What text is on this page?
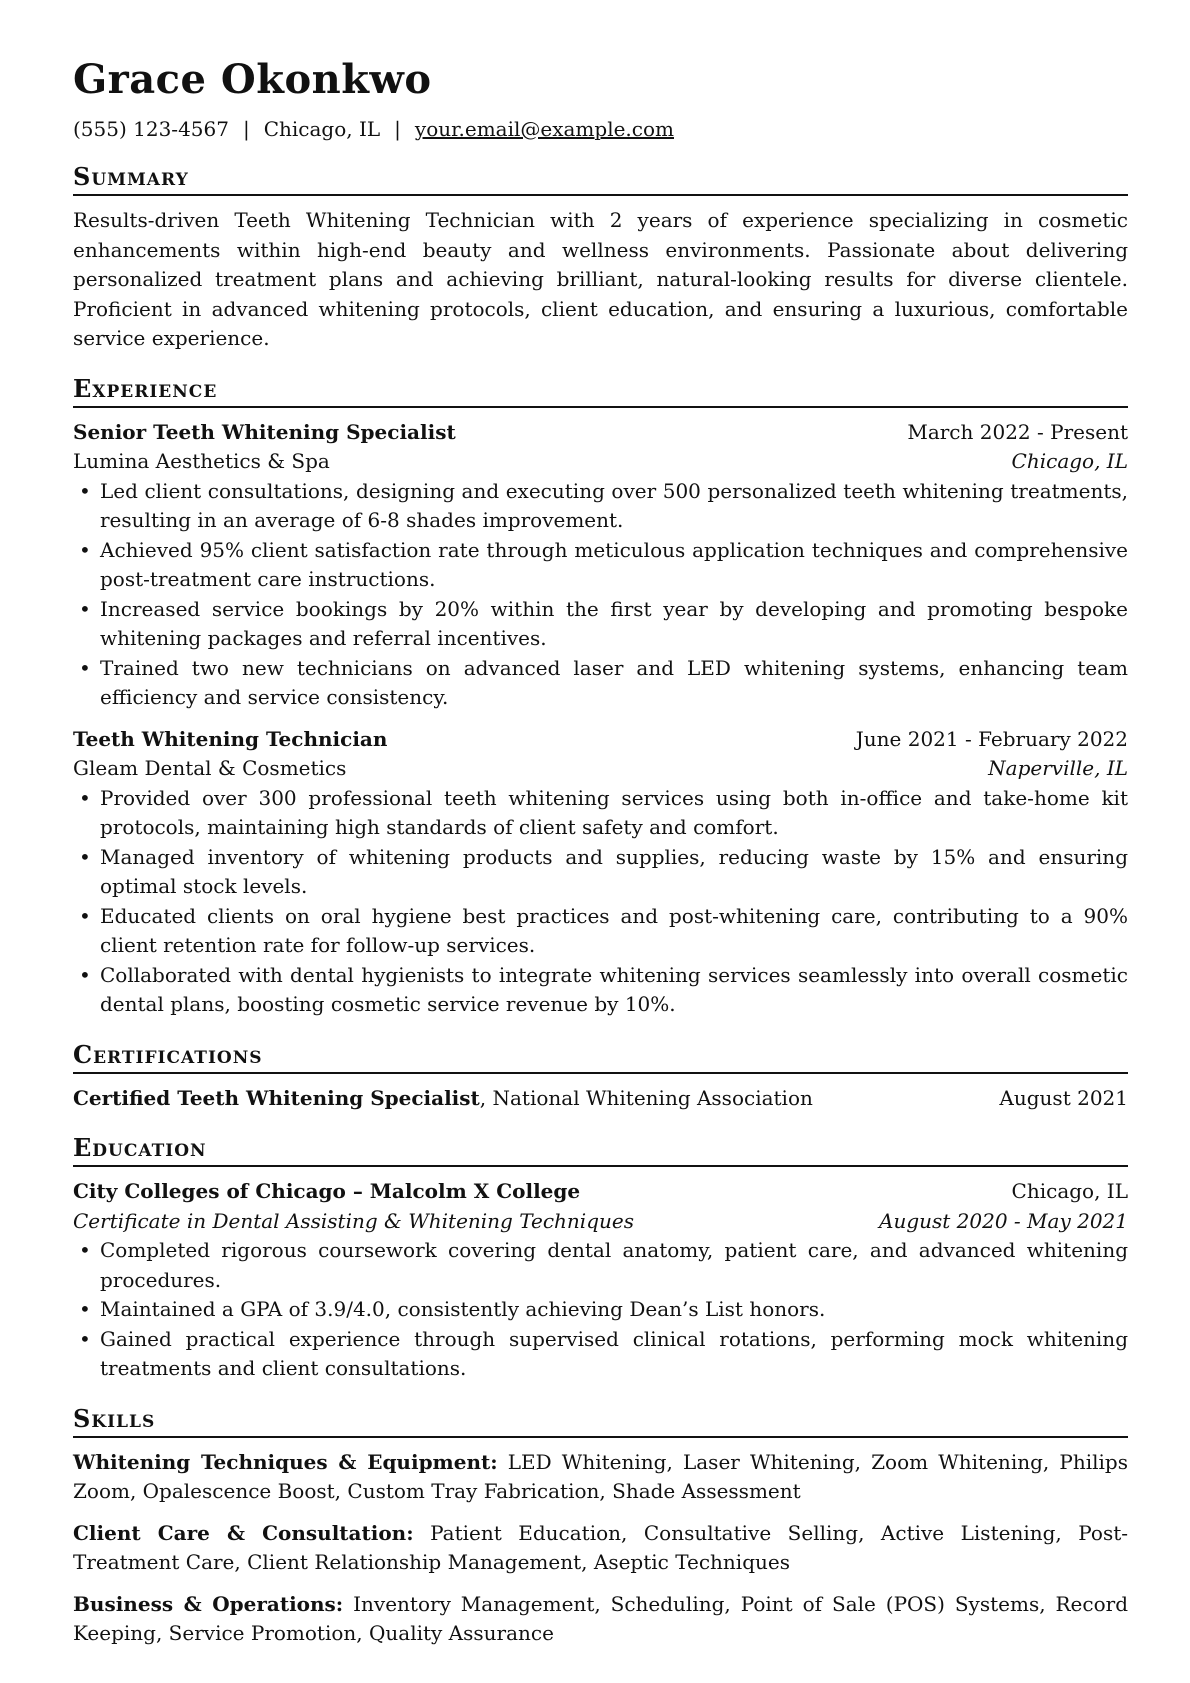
Grace Okonkwo
(555) 123-4567 | Chicago, IL | your.email@example.com
Summary
Results-driven Teeth Whitening Technician with 2 years of experience specializing in cosmetic enhancements within high-end beauty and wellness environments. Passionate about delivering personalized treatment plans and achieving brilliant, natural-looking results for diverse clientele. Proficient in advanced whitening protocols, client education, and ensuring a luxurious, comfortable service experience.
Experience
Senior Teeth Whitening Specialist	March 2022 - Present
Lumina Aesthetics & Spa	Chicago, IL
• Led client consultations, designing and executing over 500 personalized teeth whitening treatments, resulting in an average of 6-8 shades improvement.
• Achieved 95% client satisfaction rate through meticulous application techniques and comprehensive post-treatment care instructions.
• Increased service bookings by 20% within the first year by developing and promoting bespoke whitening packages and referral incentives.
• Trained two new technicians on advanced laser and LED whitening systems, enhancing team efficiency and service consistency.
Teeth Whitening Technician	June 2021 - February 2022
Gleam Dental & Cosmetics	Naperville, IL
• Provided over 300 professional teeth whitening services using both in-office and take-home kit protocols, maintaining high standards of client safety and comfort.
• Managed inventory of whitening products and supplies, reducing waste by 15% and ensuring optimal stock levels.
• Educated clients on oral hygiene best practices and post-whitening care, contributing to a 90% client retention rate for follow-up services.
• Collaborated with dental hygienists to integrate whitening services seamlessly into overall cosmetic dental plans, boosting cosmetic service revenue by 10%.
Certifications
Certified Teeth Whitening Specialist, National Whitening Association	August 2021
Education
City Colleges of Chicago – Malcolm X College	Chicago, IL
Certificate in Dental Assisting & Whitening Techniques	August 2020 - May 2021
• Completed rigorous coursework covering dental anatomy, patient care, and advanced whitening procedures.
• Maintained a GPA of 3.9/4.0, consistently achieving Dean’s List honors.
• Gained practical experience through supervised clinical rotations, performing mock whitening treatments and client consultations.
Skills
Whitening Techniques & Equipment: LED Whitening, Laser Whitening, Zoom Whitening, Philips Zoom, Opalescence Boost, Custom Tray Fabrication, Shade Assessment
Client Care & Consultation: Patient Education, Consultative Selling, Active Listening, Post-Treatment Care, Client Relationship Management, Aseptic Techniques
Business & Operations: Inventory Management, Scheduling, Point of Sale (POS) Systems, Record Keeping, Service Promotion, Quality Assurance
